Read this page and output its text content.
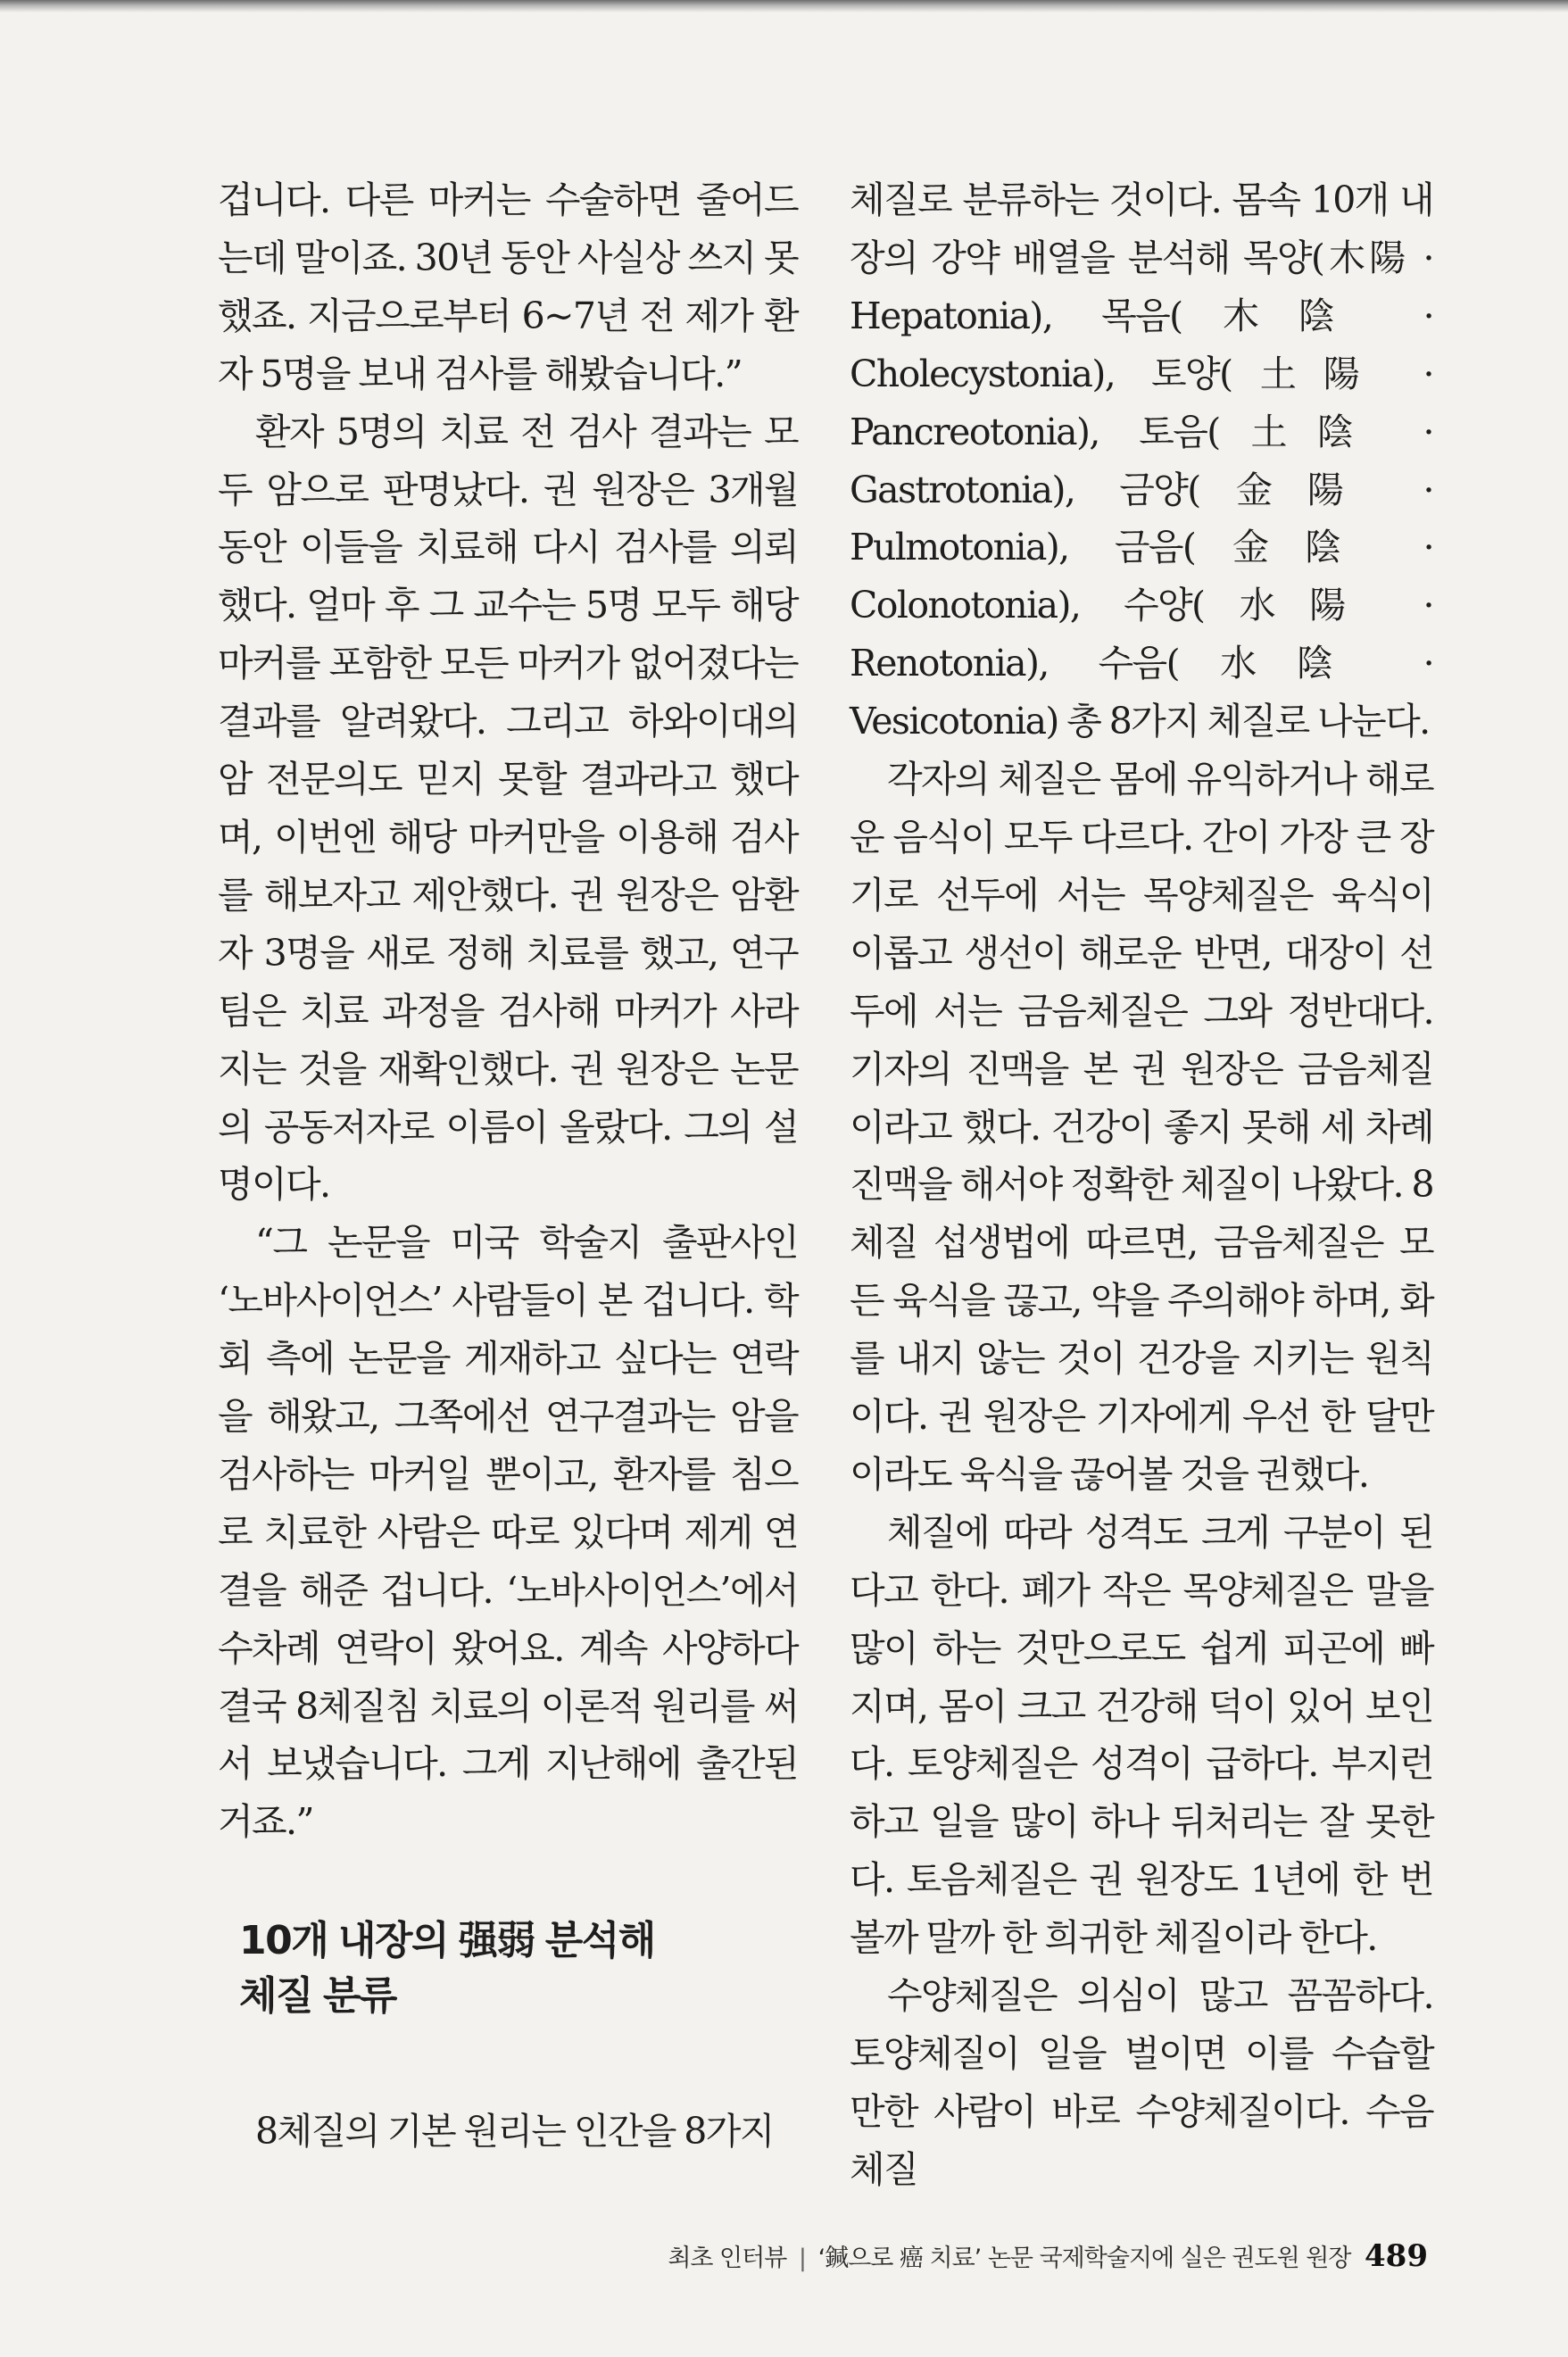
겁니다. 다른 마커는 수술하면 줄어드는데 말이죠. 30년 동안 사실상 쓰지 못했죠. 지금으로부터 6~7년 전 제가 환자 5명을 보내 검사를 해봤습니다.”

환자 5명의 치료 전 검사 결과는 모두 암으로 판명났다. 권 원장은 3개월 동안 이들을 치료해 다시 검사를 의뢰했다. 얼마 후 그 교수는 5명 모두 해당 마커를 포함한 모든 마커가 없어졌다는 결과를 알려왔다. 그리고 하와이대의 암 전문의도 믿지 못할 결과라고 했다며, 이번엔 해당 마커만을 이용해 검사를 해보자고 제안했다. 권 원장은 암환자 3명을 새로 정해 치료를 했고, 연구팀은 치료 과정을 검사해 마커가 사라지는 것을 재확인했다. 권 원장은 논문의 공동저자로 이름이 올랐다. 그의 설명이다.

“그 논문을 미국 학술지 출판사인 ‘노바사이언스’ 사람들이 본 겁니다. 학회 측에 논문을 게재하고 싶다는 연락을 해왔고, 그쪽에선 연구결과는 암을 검사하는 마커일 뿐이고, 환자를 침으로 치료한 사람은 따로 있다며 제게 연결을 해준 겁니다. ‘노바사이언스’에서 수차례 연락이 왔어요. 계속 사양하다 결국 8체질침 치료의 이론적 원리를 써서 보냈습니다. 그게 지난해에 출간된 거죠.”

10개 내장의 强弱 분석해
체질 분류

8체질의 기본 원리는 인간을 8가지

체질로 분류하는 것이다. 몸속 10개 내장의 강약 배열을 분석해 목양(木陽 · Hepatonia), 목음(木陰 · Cholecystonia), 토양(土陽 · Pancreotonia), 토음(土陰 · Gastrotonia), 금양(金陽 · Pulmotonia), 금음(金陰 · Colonotonia), 수양(水陽 · Renotonia), 수음(水陰 · Vesicotonia) 총 8가지 체질로 나눈다.

각자의 체질은 몸에 유익하거나 해로운 음식이 모두 다르다. 간이 가장 큰 장기로 선두에 서는 목양체질은 육식이 이롭고 생선이 해로운 반면, 대장이 선두에 서는 금음체질은 그와 정반대다. 기자의 진맥을 본 권 원장은 금음체질이라고 했다. 건강이 좋지 못해 세 차례 진맥을 해서야 정확한 체질이 나왔다. 8체질 섭생법에 따르면, 금음체질은 모든 육식을 끊고, 약을 주의해야 하며, 화를 내지 않는 것이 건강을 지키는 원칙이다. 권 원장은 기자에게 우선 한 달만이라도 육식을 끊어볼 것을 권했다.

체질에 따라 성격도 크게 구분이 된다고 한다. 폐가 작은 목양체질은 말을 많이 하는 것만으로도 쉽게 피곤에 빠지며, 몸이 크고 건강해 덕이 있어 보인다. 토양체질은 성격이 급하다. 부지런하고 일을 많이 하나 뒤처리는 잘 못한다. 토음체질은 권 원장도 1년에 한 번 볼까 말까 한 희귀한 체질이라 한다.

수양체질은 의심이 많고 꼼꼼하다. 토양체질이 일을 벌이면 이를 수습할 만한 사람이 바로 수양체질이다. 수음체질

최초 인터뷰 | ‘鍼으로 癌 치료’ 논문 국제학술지에 실은 권도원 원장 489
